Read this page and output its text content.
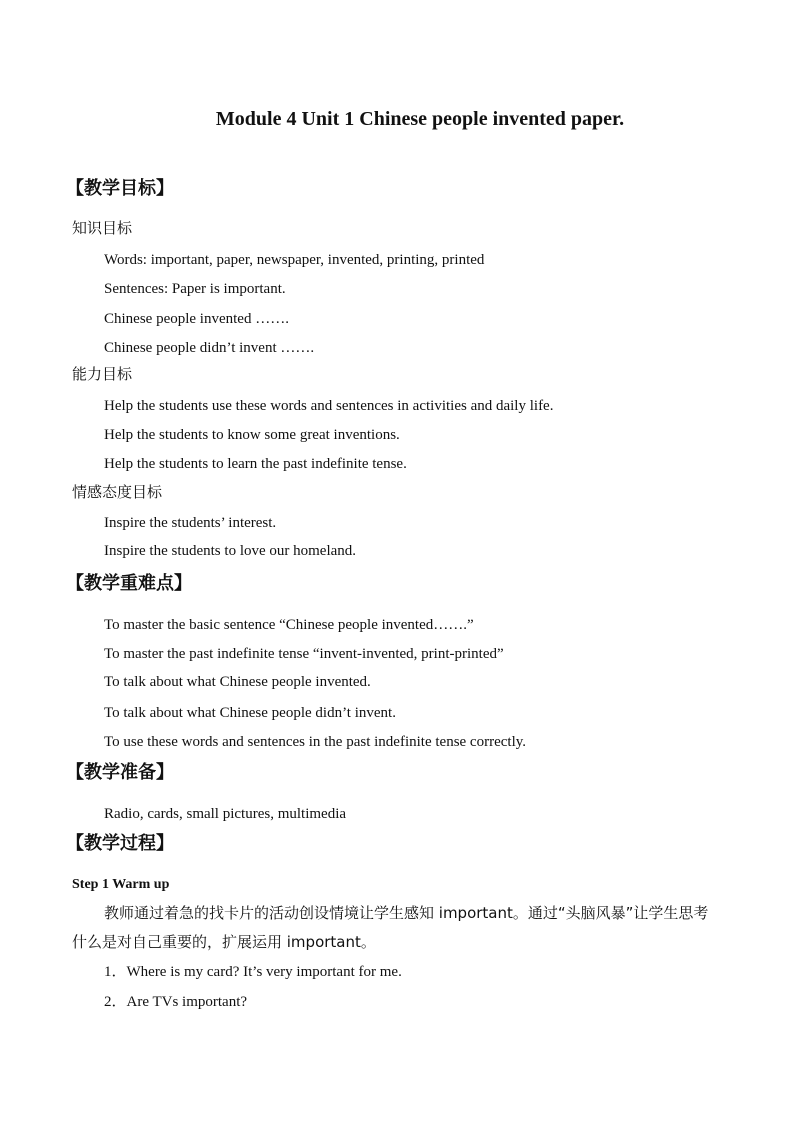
Module 4 Unit 1 Chinese people invented paper.
【教学目标】
知识目标
Words: important, paper, newspaper, invented, printing, printed
Sentences: Paper is important.
Chinese people invented …….
Chinese people didn’t invent …….
能力目标
Help the students use these words and sentences in activities and daily life.
Help the students to know some great inventions.
Help the students to learn the past indefinite tense.
情感态度目标
Inspire the students’ interest.
Inspire the students to love our homeland.
【教学重难点】
To master the basic sentence “Chinese people invented…….”
To master the past indefinite tense “invent-invented, print-printed”
To talk about what Chinese people invented.
To talk about what Chinese people didn’t invent.
To use these words and sentences in the past indefinite tense correctly.
【教学准备】
Radio, cards, small pictures, multimedia
【教学过程】
Step 1 Warm up
教师通过着急的找卡片的活动创设情境让学生感知 important。通过“头脑风暴”让学生思考
什么是对自己重要的，扩展运用 important。
1．Where is my card? It’s very important for me.
2．Are TVs important?
